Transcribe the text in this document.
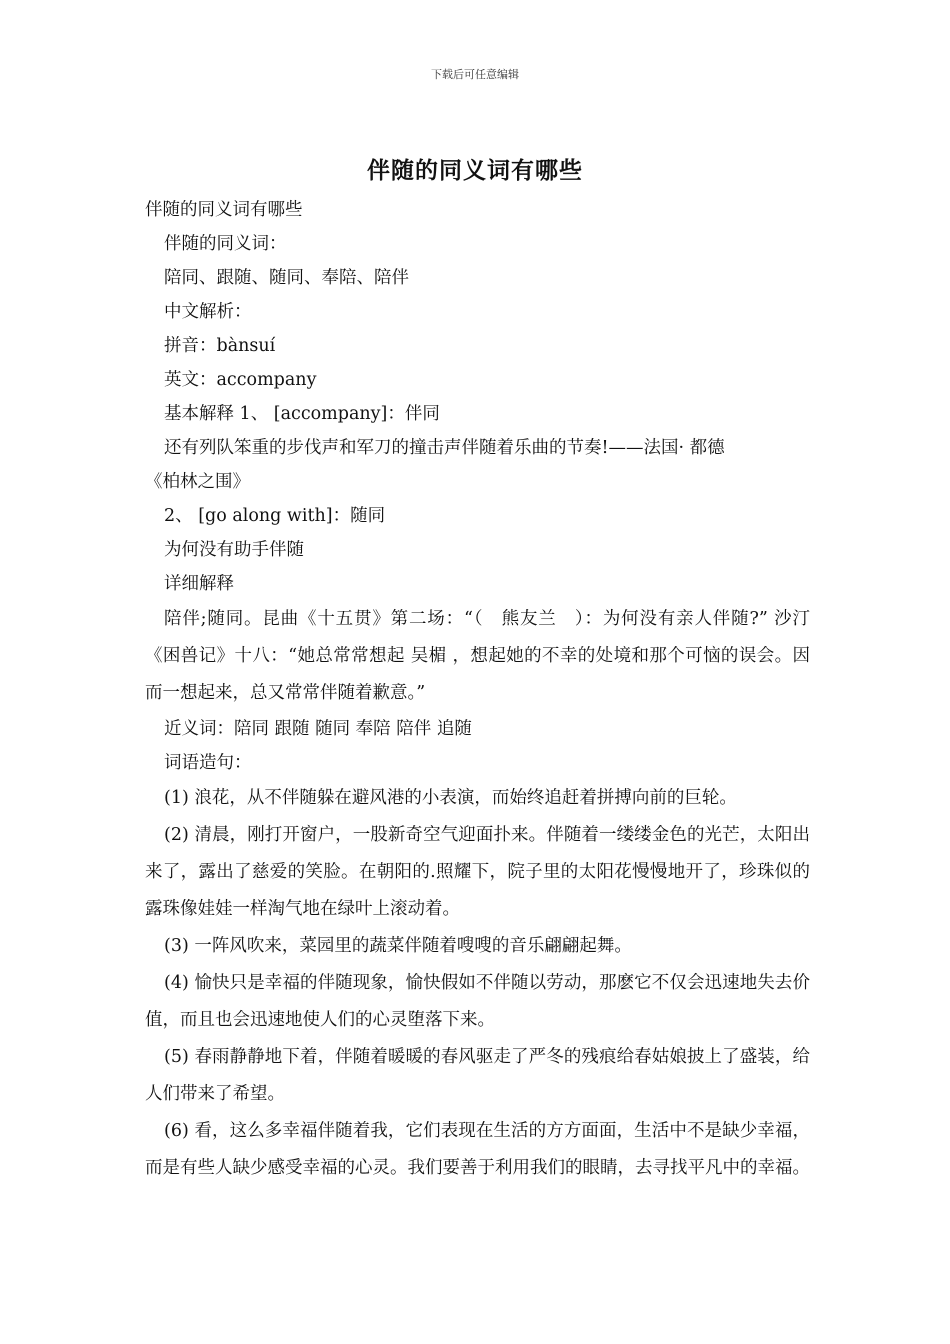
下载后可任意编辑
伴随的同义词有哪些
伴随的同义词有哪些
伴随的同义词：
陪同、跟随、随同、奉陪、陪伴
中文解析：
拼音：bànsuí
英文：accompany
基本解释 1、 [accompany]：伴同
还有列队笨重的步伐声和军刀的撞击声伴随着乐曲的节奏!——法国· 都德
《柏林之围》
2、 [go along with]：随同
为何没有助手伴随
详细解释

陪伴;随同。昆曲《十五贯》第二场：“（　熊友兰　）：为何没有亲人伴随?” 沙汀 《困兽记》十八：“她总常常想起 吴楣 ，想起她的不幸的处境和那个可恼的误会。因而一想起来，总又常常伴随着歉意。”

近义词：陪同 跟随 随同 奉陪 陪伴 追随
词语造句：

(1) 浪花，从不伴随躲在避风港的小表演，而始终追赶着拼搏向前的巨轮。

(2) 清晨，刚打开窗户，一股新奇空气迎面扑来。伴随着一缕缕金色的光芒，太阳出来了，露出了慈爱的笑脸。在朝阳的.照耀下，院子里的太阳花慢慢地开了，珍珠似的露珠像娃娃一样淘气地在绿叶上滚动着。

(3) 一阵风吹来，菜园里的蔬菜伴随着嗖嗖的音乐翩翩起舞。

(4) 愉快只是幸福的伴随现象，愉快假如不伴随以劳动，那麽它不仅会迅速地失去价值，而且也会迅速地使人们的心灵堕落下来。

(5) 春雨静静地下着，伴随着暖暖的春风驱走了严冬的残痕给春姑娘披上了盛装，给人们带来了希望。

(6) 看，这么多幸福伴随着我，它们表现在生活的方方面面，生活中不是缺少幸福，而是有些人缺少感受幸福的心灵。我们要善于利用我们的眼睛，去寻找平凡中的幸福。
